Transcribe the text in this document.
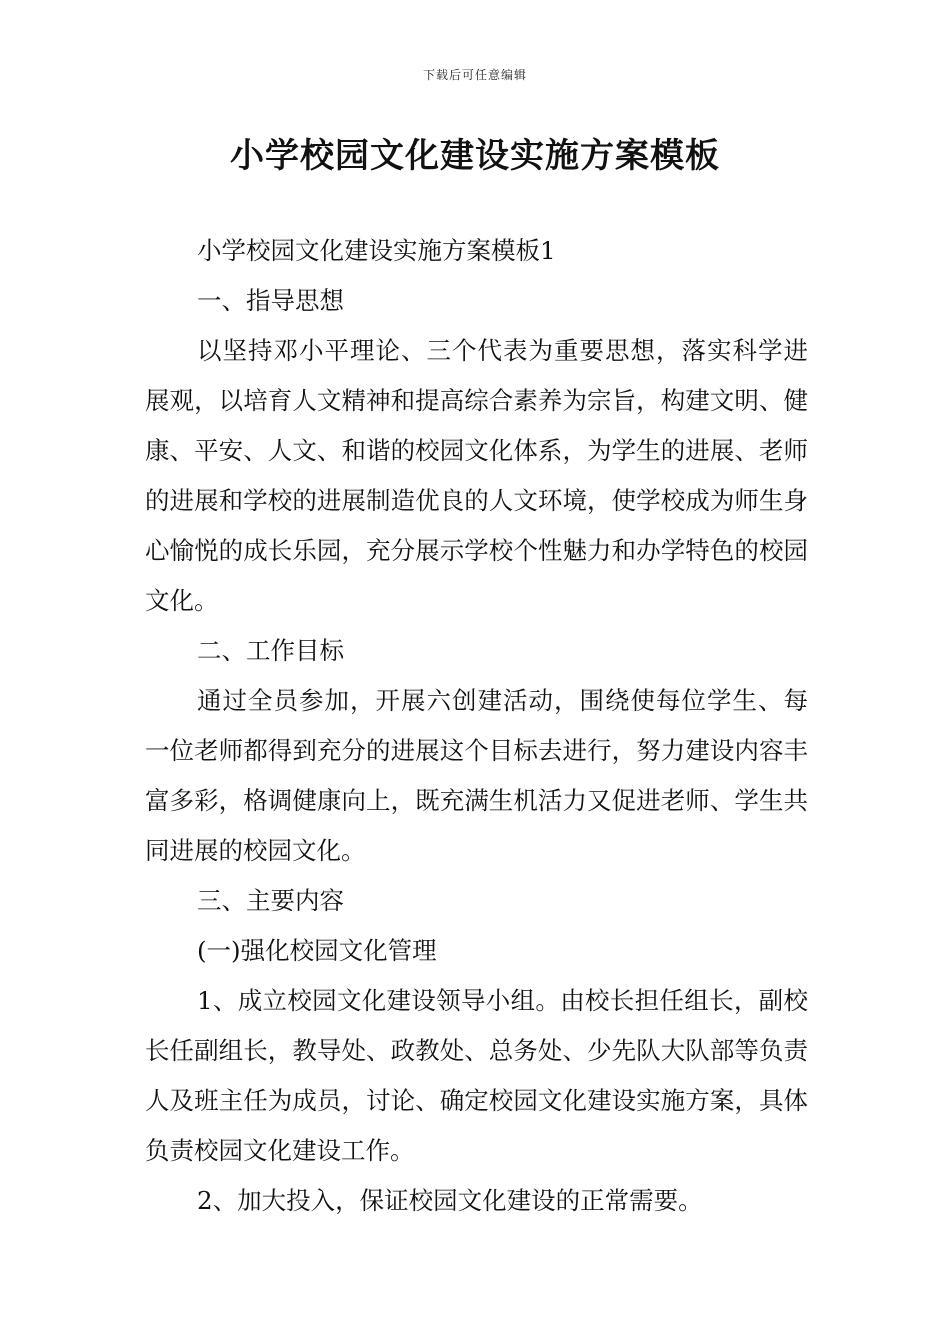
下载后可任意编辑
小学校园文化建设实施方案模板

小学校园文化建设实施方案模板1

一、指导思想

以坚持邓小平理论、三个代表为重要思想，落实科学进展观，以培育人文精神和提高综合素养为宗旨，构建文明、健康、平安、人文、和谐的校园文化体系，为学生的进展、老师的进展和学校的进展制造优良的人文环境，使学校成为师生身心愉悦的成长乐园，充分展示学校个性魅力和办学特色的校园文化。

二、工作目标

通过全员参加，开展六创建活动，围绕使每位学生、每一位老师都得到充分的进展这个目标去进行，努力建设内容丰富多彩，格调健康向上，既充满生机活力又促进老师、学生共同进展的校园文化。

三、主要内容

(一)强化校园文化管理

1、成立校园文化建设领导小组。由校长担任组长，副校长任副组长，教导处、政教处、总务处、少先队大队部等负责人及班主任为成员，讨论、确定校园文化建设实施方案，具体负责校园文化建设工作。

2、加大投入，保证校园文化建设的正常需要。
